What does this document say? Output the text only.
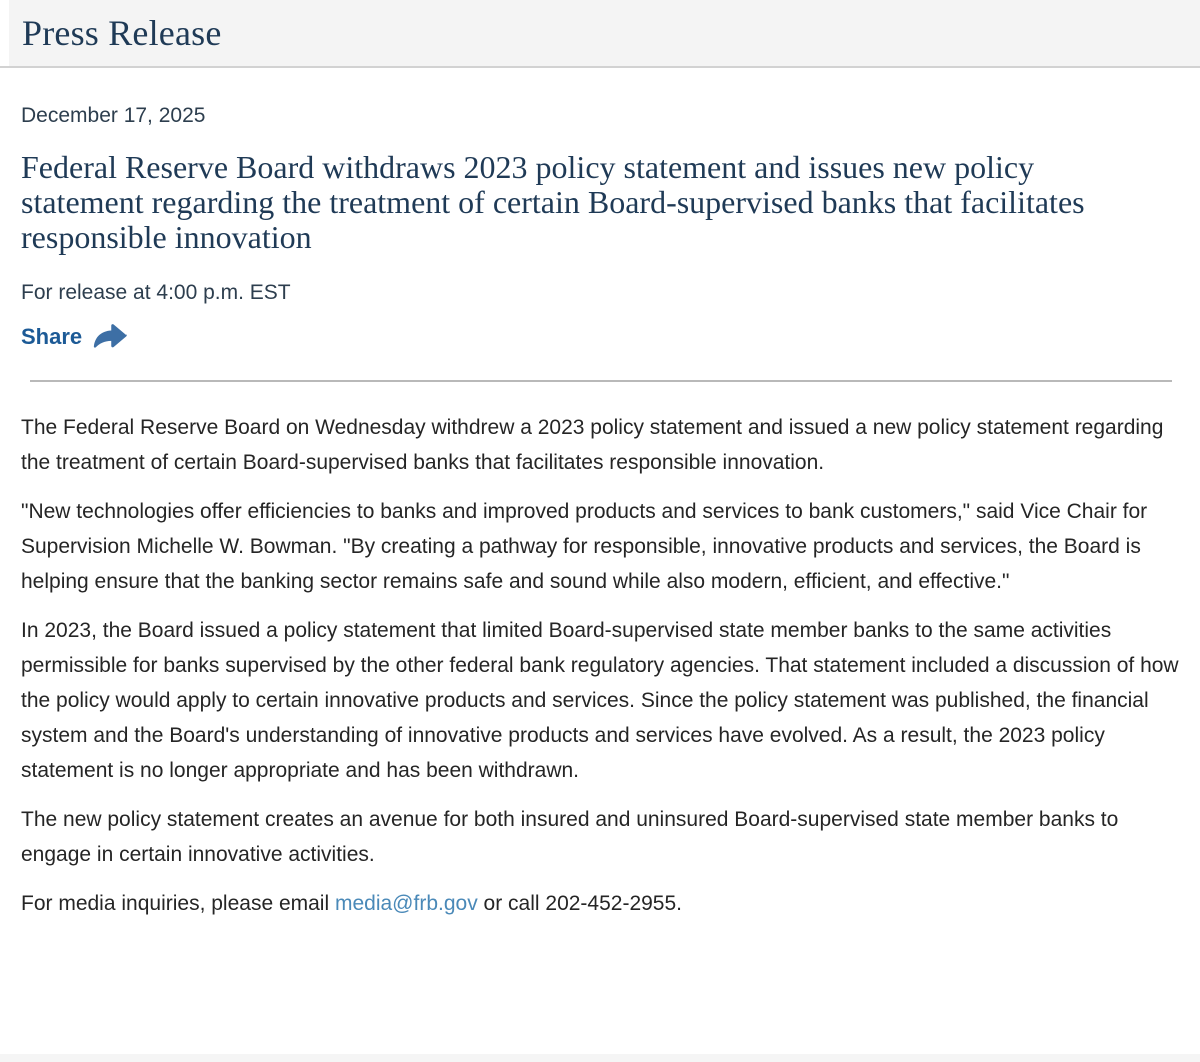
Press Release
December 17, 2025
Federal Reserve Board withdraws 2023 policy statement and issues new policy statement regarding the treatment of certain Board-supervised banks that facilitates responsible innovation
For release at 4:00 p.m. EST
Share

The Federal Reserve Board on Wednesday withdrew a 2023 policy statement and issued a new policy statement regarding the treatment of certain Board-supervised banks that facilitates responsible innovation.

"New technologies offer efficiencies to banks and improved products and services to bank customers," said Vice Chair for Supervision Michelle W. Bowman. "By creating a pathway for responsible, innovative products and services, the Board is helping ensure that the banking sector remains safe and sound while also modern, efficient, and effective."

In 2023, the Board issued a policy statement that limited Board-supervised state member banks to the same activities permissible for banks supervised by the other federal bank regulatory agencies. That statement included a discussion of how the policy would apply to certain innovative products and services. Since the policy statement was published, the financial system and the Board's understanding of innovative products and services have evolved. As a result, the 2023 policy statement is no longer appropriate and has been withdrawn.

The new policy statement creates an avenue for both insured and uninsured Board-supervised state member banks to engage in certain innovative activities.

For media inquiries, please email media@frb.gov or call 202-452-2955.
